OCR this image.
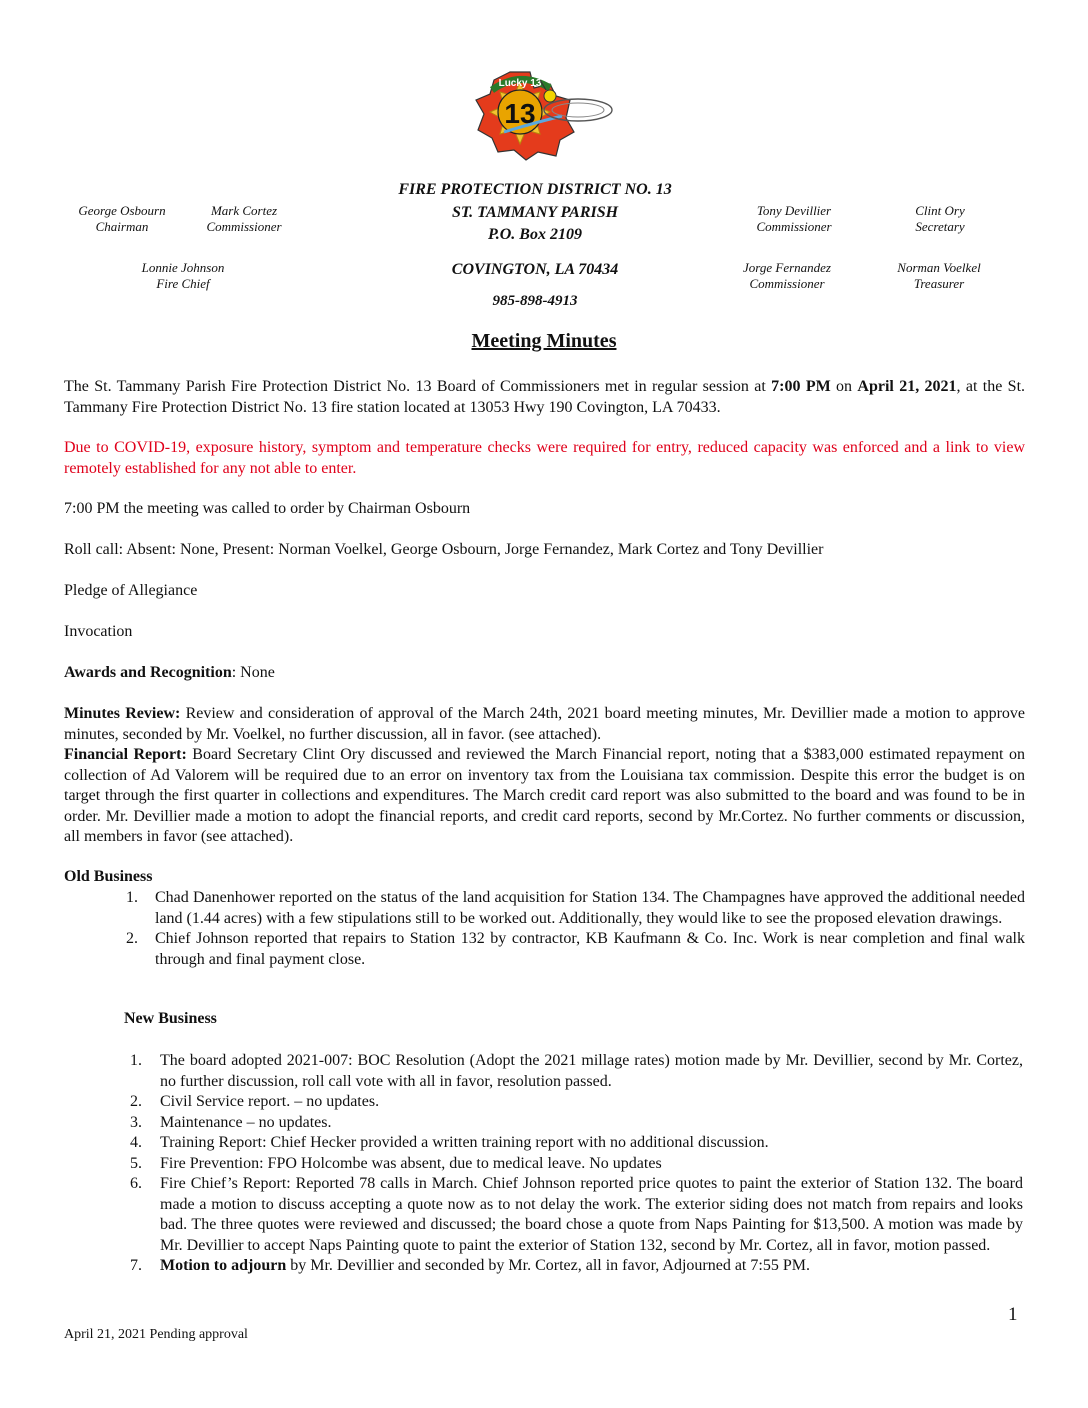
13
Lucky 13
George Osbourn
Chairman
Mark Cortez
Commissioner
Lonnie Johnson
Fire Chief
Tony Devillier
Commissioner
Clint Ory
Secretary
Jorge Fernandez
Commissioner
Norman Voelkel
Treasurer
FIRE PROTECTION DISTRICT NO. 13
ST. TAMMANY PARISH
P.O. Box 2109
COVINGTON, LA 70434
985-898-4913
Meeting Minutes
The St. Tammany Parish Fire Protection District No. 13 Board of Commissioners met in regular session at 7:00 PM on April 21, 2021, at the St. Tammany Fire Protection District No. 13 fire station located at 13053 Hwy 190 Covington, LA 70433.
Due to COVID-19, exposure history, symptom and temperature checks were required for entry, reduced capacity was enforced and a link to view remotely established for any not able to enter.
7:00 PM the meeting was called to order by Chairman Osbourn
Roll call: Absent: None, Present: Norman Voelkel, George Osbourn, Jorge Fernandez, Mark Cortez and Tony Devillier
Pledge of Allegiance
Invocation
Awards and Recognition: None
Minutes Review: Review and consideration of approval of the March 24th, 2021 board meeting minutes, Mr. Devillier made a motion to approve minutes, seconded by Mr. Voelkel, no further discussion, all in favor. (see attached).
Financial Report: Board Secretary Clint Ory discussed and reviewed the March Financial report, noting that a $383,000 estimated repayment on collection of Ad Valorem will be required due to an error on inventory tax from the Louisiana tax commission. Despite this error the budget is on target through the first quarter in collections and expenditures. The March credit card report was also submitted to the board and was found to be in order. Mr. Devillier made a motion to adopt the financial reports, and credit card reports, second by Mr.Cortez. No further comments or discussion, all members in favor (see attached).
Old Business
1. Chad Danenhower reported on the status of the land acquisition for Station 134. The Champagnes have approved the additional needed land (1.44 acres) with a few stipulations still to be worked out. Additionally, they would like to see the proposed elevation drawings.
2. Chief Johnson reported that repairs to Station 132 by contractor, KB Kaufmann & Co. Inc. Work is near completion and final walk through and final payment close.
New Business
1. The board adopted 2021-007: BOC Resolution (Adopt the 2021 millage rates) motion made by Mr. Devillier, second by Mr. Cortez, no further discussion, roll call vote with all in favor, resolution passed.
2. Civil Service report. – no updates.
3. Maintenance – no updates.
4. Training Report: Chief Hecker provided a written training report with no additional discussion.
5. Fire Prevention: FPO Holcombe was absent, due to medical leave. No updates
6. Fire Chief’s Report: Reported 78 calls in March. Chief Johnson reported price quotes to paint the exterior of Station 132. The board made a motion to discuss accepting a quote now as to not delay the work. The exterior siding does not match from repairs and looks bad. The three quotes were reviewed and discussed; the board chose a quote from Naps Painting for $13,500. A motion was made by Mr. Devillier to accept Naps Painting quote to paint the exterior of Station 132, second by Mr. Cortez, all in favor, motion passed.
7. Motion to adjourn by Mr. Devillier and seconded by Mr. Cortez, all in favor, Adjourned at 7:55 PM.
1
April 21, 2021 Pending approval
